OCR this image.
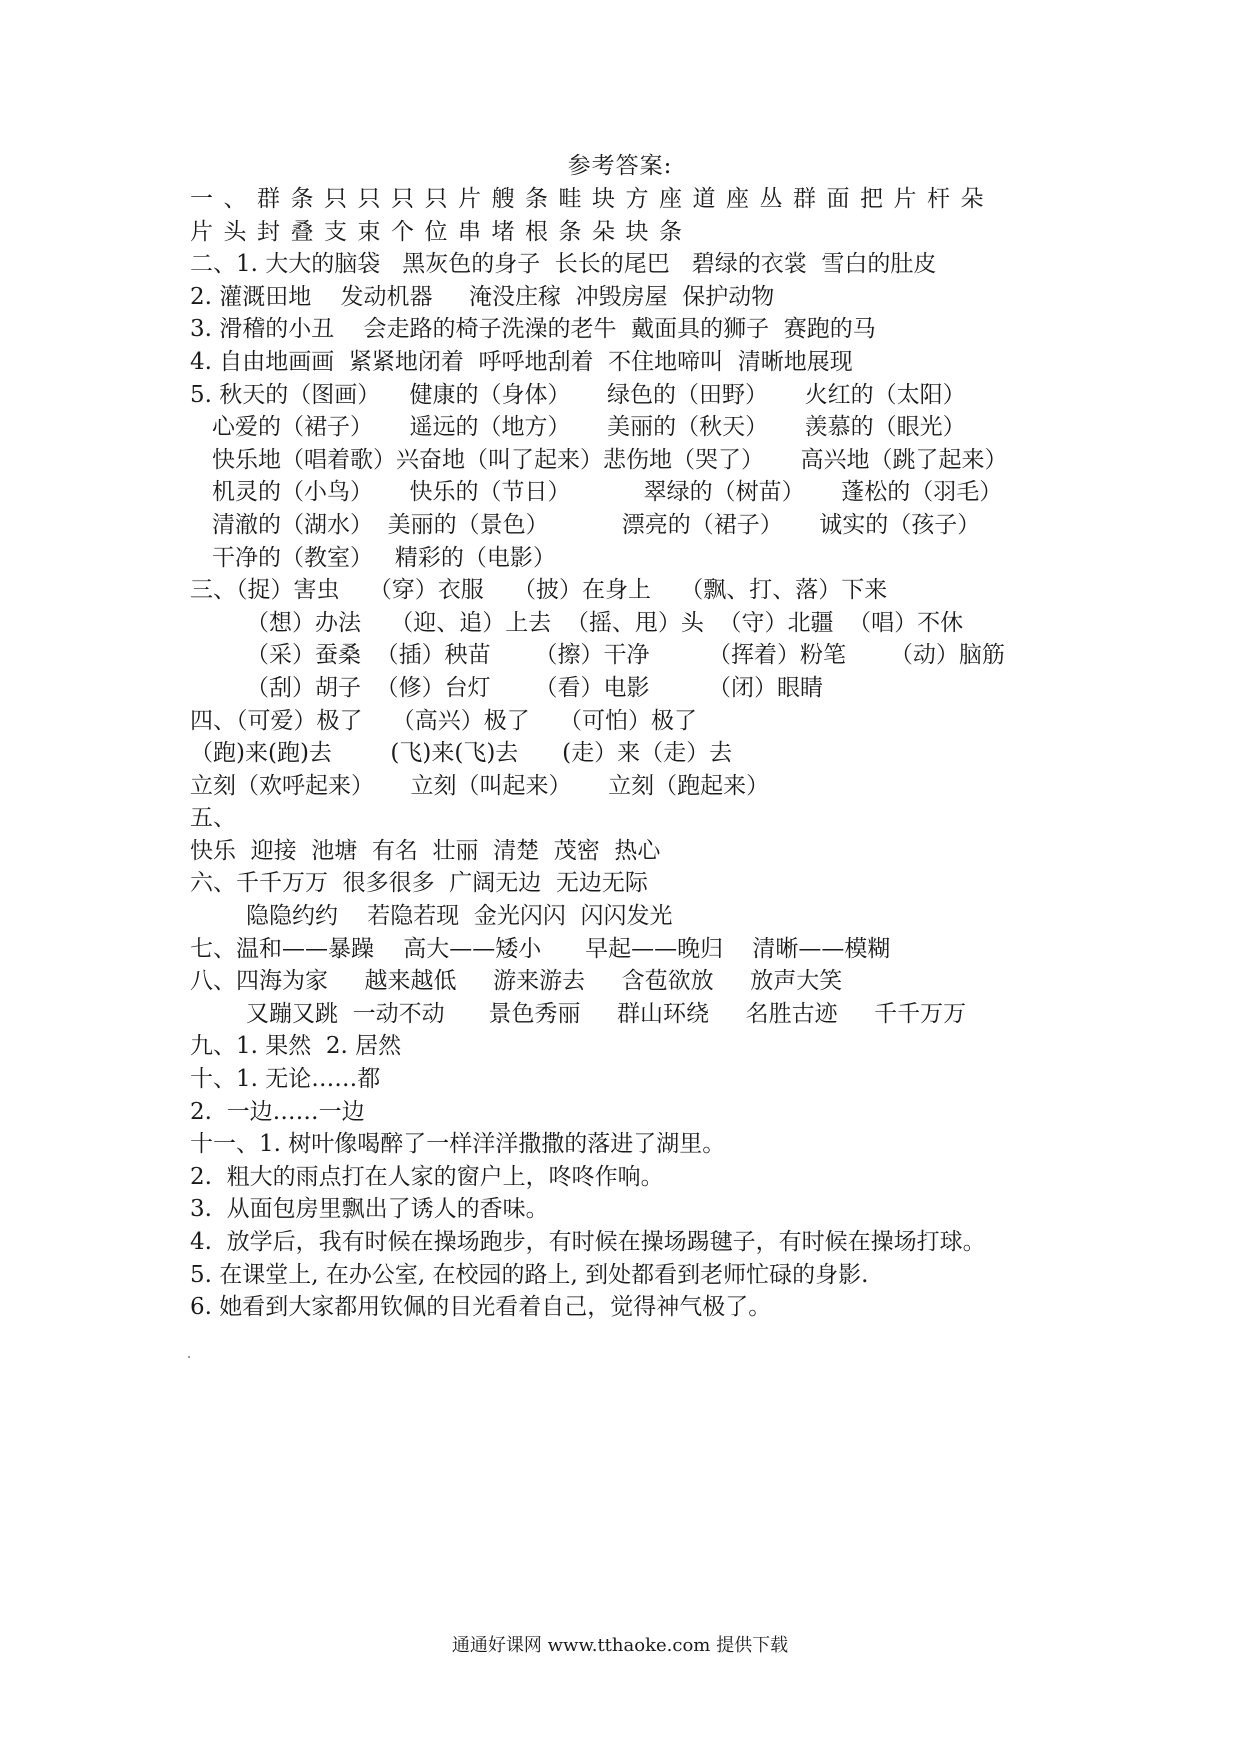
参考答案:
一、群条只只只只片艘条畦块方座道座丛群面把片杆朵
片头封叠支束个位串堵根条朵块条
二、1. 大大的脑袋   黑灰色的身子  长长的尾巴   碧绿的衣裳  雪白的肚皮
2. 灌溉田地    发动机器     淹没庄稼  冲毁房屋  保护动物
3. 滑稽的小丑    会走路的椅子洗澡的老牛  戴面具的狮子  赛跑的马
4. 自由地画画  紧紧地闭着  呼呼地刮着  不住地啼叫  清晰地展现
5. 秋天的（图画）    健康的（身体）     绿色的（田野）     火红的（太阳）
心爱的（裙子）     遥远的（地方）     美丽的（秋天）     羡慕的（眼光）
快乐地（唱着歌）兴奋地（叫了起来）悲伤地（哭了）     高兴地（跳了起来）
机灵的（小鸟）     快乐的（节日）          翠绿的（树苗）     蓬松的（羽毛）
清澈的（湖水）  美丽的（景色）          漂亮的（裙子）     诚实的（孩子）
干净的（教室）   精彩的（电影）
三、（捉）害虫    （穿）衣服    （披）在身上    （飘、打、落）下来
（想）办法    （迎、追）上去  （摇、甩）头  （守）北疆  （唱）不休
（采）蚕桑  （插）秧苗      （擦）干净        （挥着）粉笔      （动）脑筋
（刮）胡子  （修）台灯      （看）电影        （闭）眼睛
四、（可爱）极了    （高兴）极了    （可怕）极了
（跑)来(跑)去        (飞)来(飞)去      (走）来（走）去
立刻（欢呼起来）     立刻（叫起来）     立刻（跑起来）
五、
快乐  迎接  池塘  有名  壮丽  清楚  茂密  热心
六、千千万万  很多很多  广阔无边  无边无际
隐隐约约    若隐若现  金光闪闪  闪闪发光
七、温和——暴躁    高大——矮小      早起——晚归    清晰——模糊
八、四海为家     越来越低     游来游去     含苞欲放     放声大笑
又蹦又跳  一动不动      景色秀丽     群山环绕     名胜古迹     千千万万
九、1. 果然  2. 居然
十、1. 无论……都
2.  一边……一边
十一、1. 树叶像喝醉了一样洋洋撒撒的落进了湖里。
2.  粗大的雨点打在人家的窗户上，咚咚作响。
3.  从面包房里飘出了诱人的香味。
4.  放学后，我有时候在操场跑步，有时候在操场踢毽子，有时候在操场打球。
5. 在课堂上, 在办公室, 在校园的路上, 到处都看到老师忙碌的身影.
6. 她看到大家都用钦佩的目光看着自己，觉得神气极了。
通通好课网 www.tthaoke.com 提供下载
